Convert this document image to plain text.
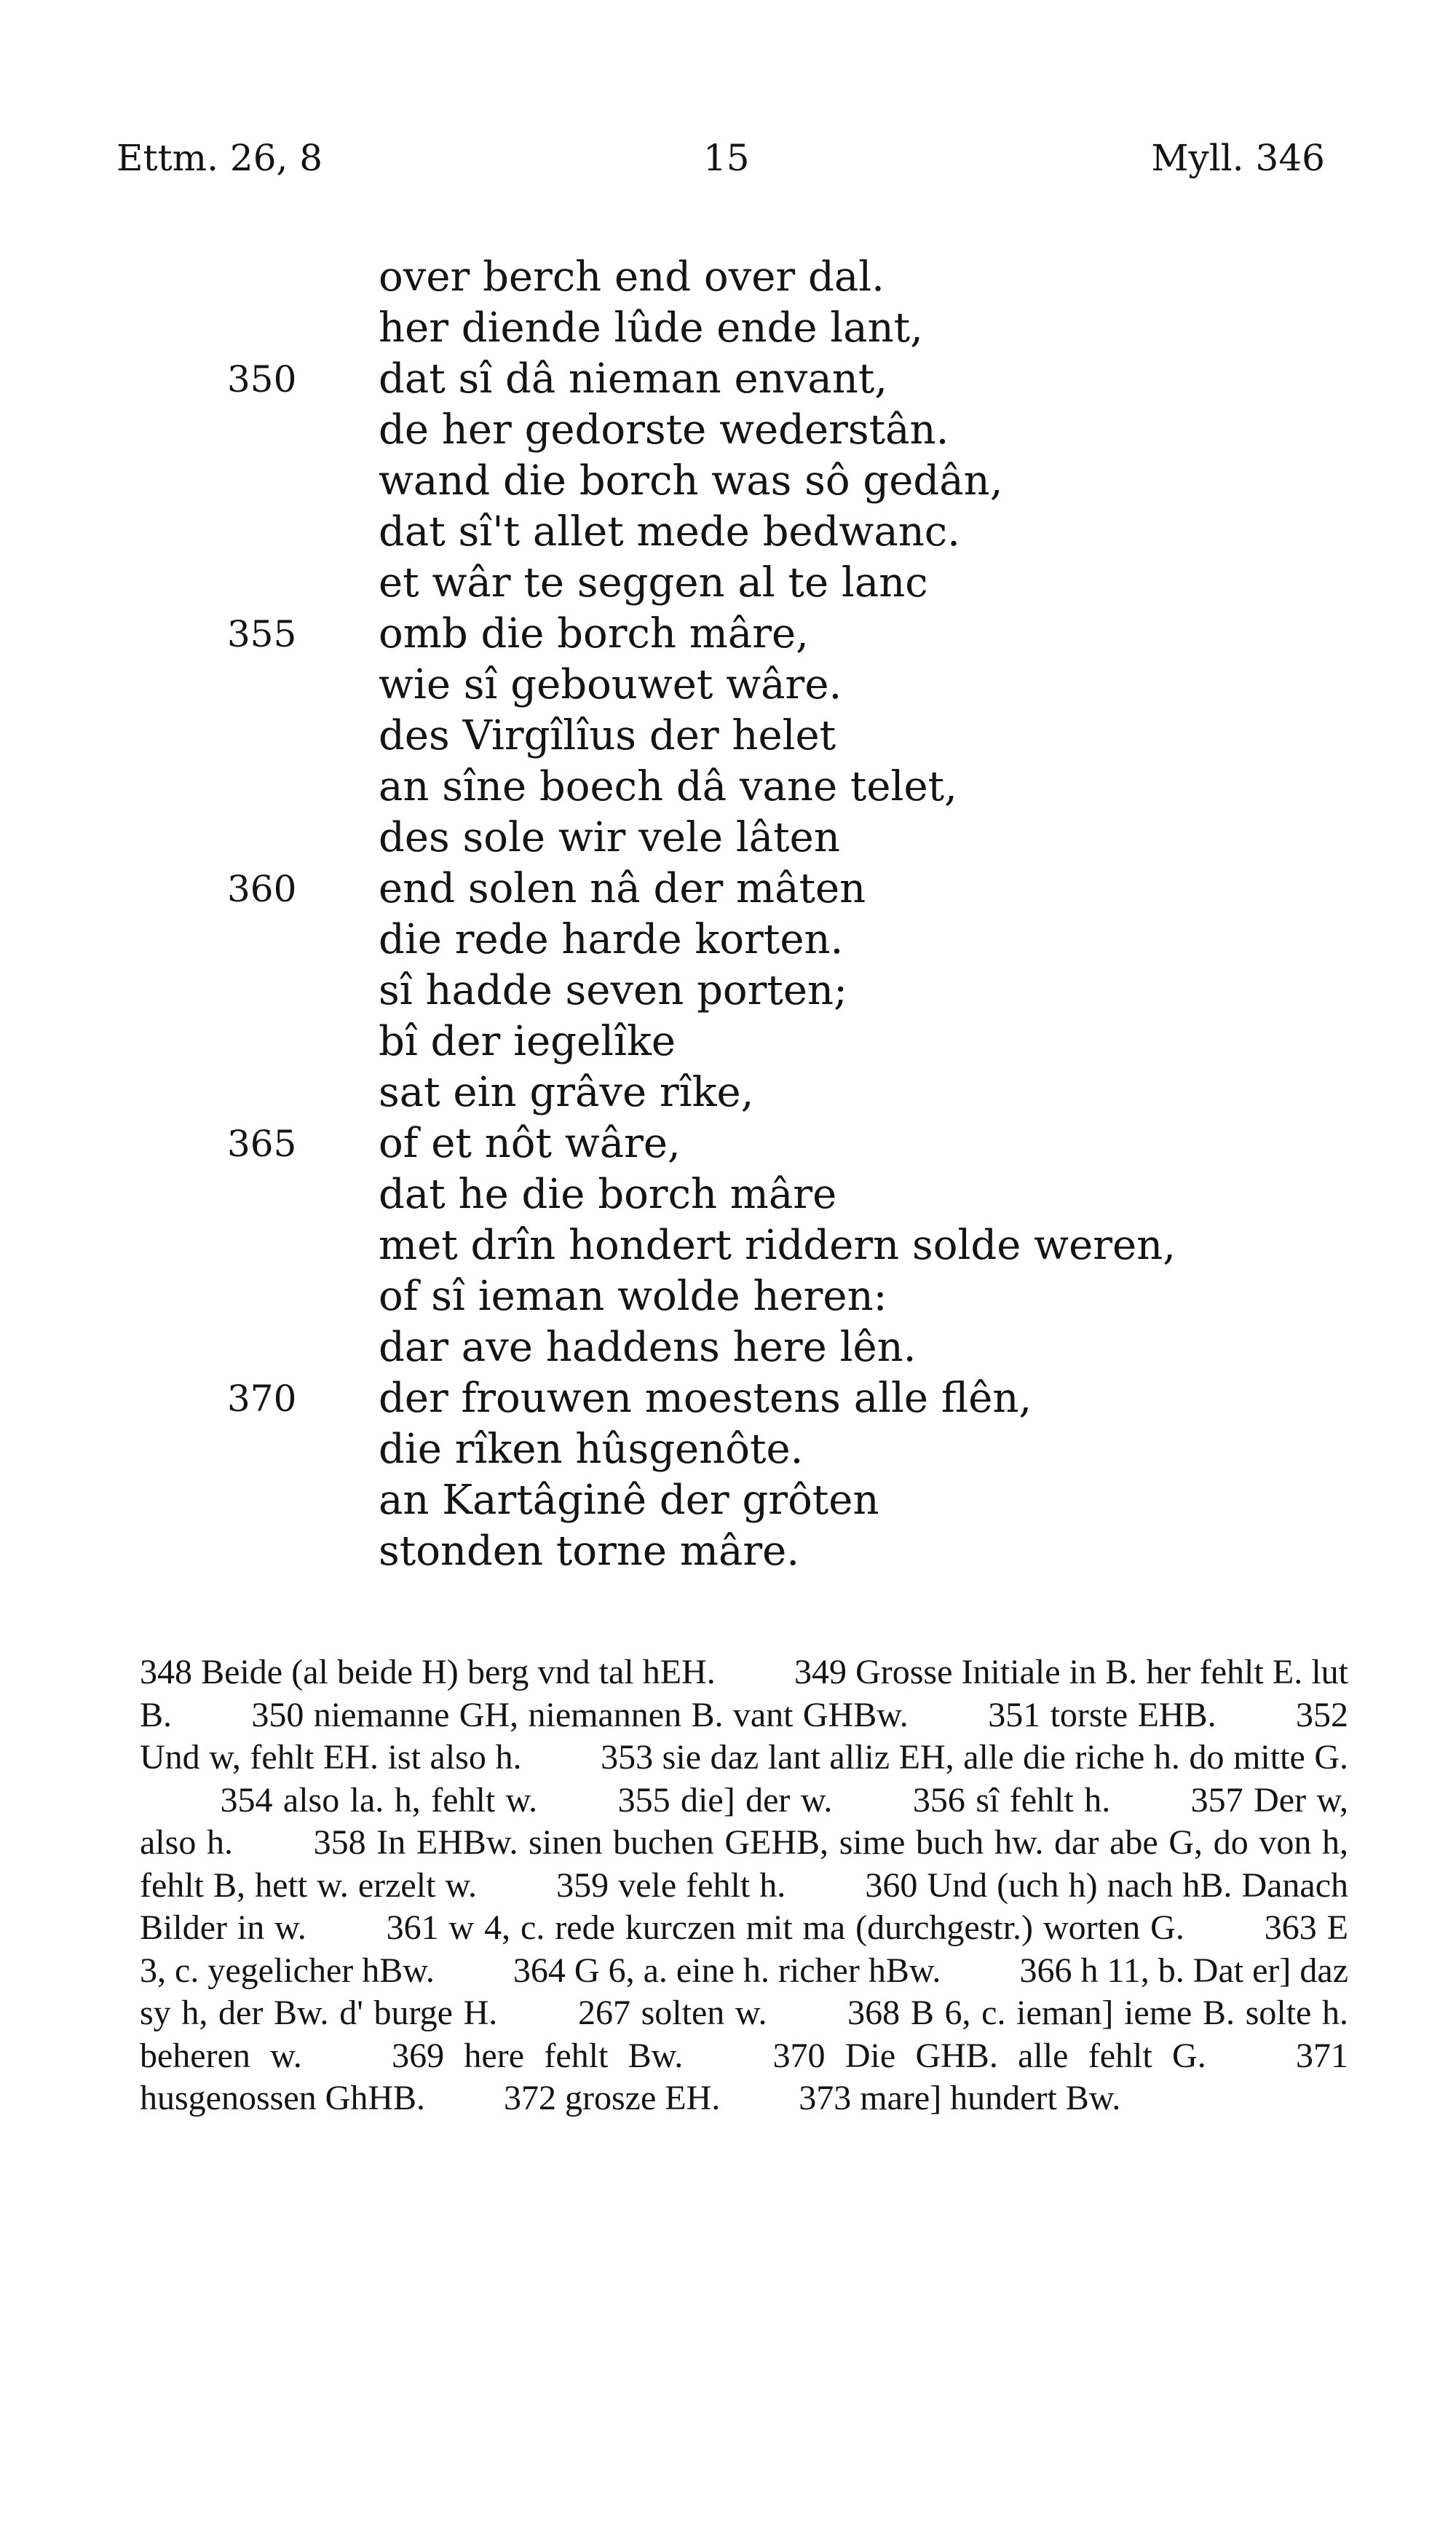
Ettm. 26, 8	15	Myll. 346
over berch end over dal.
her diende lûde ende lant,
350	dat sî dâ nieman envant,
de her gedorste wederstân.
wand die borch was sô gedân,
dat sî't allet mede bedwanc.
et wâr te seggen al te lanc
355	omb die borch mâre,
wie sî gebouwet wâre.
des Virgîlîus der helet
an sîne boech dâ vane telet,
des sole wir vele lâten
360	end solen nâ der mâten
die rede harde korten.
sî hadde seven porten;
bî der iegelîke
sat ein grâve rîke,
365	of et nôt wâre,
dat he die borch mâre
met drîn hondert riddern solde weren,
of sî ieman wolde heren:
dar ave haddens here lên.
370	der frouwen moestens alle flên,
die rîken hûsgenôte.
an Kartâginê der grôten
stonden torne mâre.
348 Beide (al beide H) berg vnd tal hEH. 349 Grosse Initiale in B. her fehlt E. lut B. 350 niemanne GH, niemannen B. vant GHBw. 351 torste EHB. 352 Und w, fehlt EH. ist also h. 353 sie daz lant alliz EH, alle die riche h. do mitte G.354 also la. h, fehlt w. 355 die] der w. 356 sî fehlt h. 357 Der w, also h. 358 In EHBw. sinen buchen GEHB, sime buch hw. dar abe G, do von h, fehlt B, hett w. erzelt w. 359 vele fehlt h. 360 Und (uch h) nach hB. Danach Bilder in w. 361 w 4, c. rede kurczen mit ma (durchgestr.) worten G. 363 E 3, c. yegelicher hBw. 364 G 6, a. eine h. richer hBw. 366 h 11, b. Dat er] daz sy h, der Bw. d' burge H. 267 solten w. 368 B 6, c. ieman] ieme B. solte h. beheren w.	369 here fehlt Bw.	370 Die GHB. alle fehlt G.	371 husgenossen GhHB. 372 grosze EH. 373 mare] hundert Bw.
